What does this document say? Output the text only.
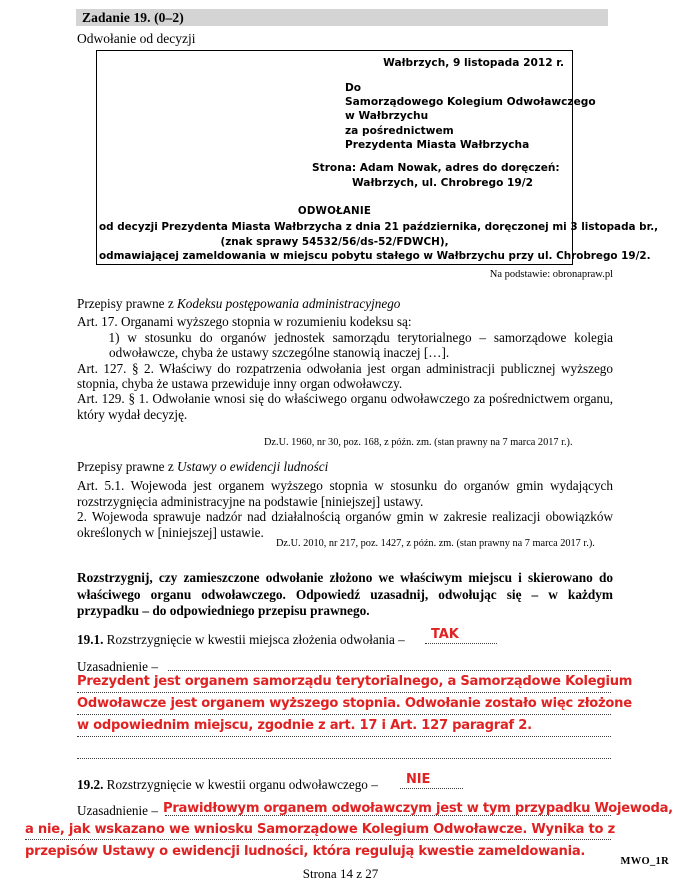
Zadanie 19. (0–2)
Odwołanie od decyzji
Wałbrzych, 9 listopada 2012 r.
Do
Samorządowego Kolegium Odwoławczego
w Wałbrzychu
za pośrednictwem
Prezydenta Miasta Wałbrzycha
Strona: Adam Nowak, adres do doręczeń:
Wałbrzych, ul. Chrobrego 19/2
ODWOŁANIE
od decyzji Prezydenta Miasta Wałbrzycha z dnia 21 października, doręczonej mi 3 listopada br.,
(znak sprawy 54532/56/ds-52/FDWCH),
odmawiającej zameldowania w miejscu pobytu stałego w Wałbrzychu przy ul. Chrobrego 19/2.
Na podstawie: obronapraw.pl

Przepisy prawne z Kodeksu postępowania administracyjnego

Art. 17. Organami wyższego stopnia w rozumieniu kodeksu są:

1) w stosunku do organów jednostek samorządu terytorialnego – samorządowe kolegia odwoławcze, chyba że ustawy szczególne stanowią inaczej […].

Art. 127. § 2. Właściwy do rozpatrzenia odwołania jest organ administracji publicznej wyższego stopnia, chyba że ustawa przewiduje inny organ odwoławczy.

Art. 129. § 1. Odwołanie wnosi się do właściwego organu odwoławczego za pośrednictwem organu, który wydał decyzję.

Dz.U. 1960, nr 30, poz. 168, z późn. zm. (stan prawny na 7 marca 2017 r.).

Przepisy prawne z Ustawy o ewidencji ludności

Art. 5.1. Wojewoda jest organem wyższego stopnia w stosunku do organów gmin wydających rozstrzygnięcia administracyjne na podstawie [niniejszej] ustawy.

2. Wojewoda sprawuje nadzór nad działalnością organów gmin w zakresie realizacji obowiązków określonych w [niniejszej] ustawie.

Dz.U. 2010, nr 217, poz. 1427, z późn. zm. (stan prawny na 7 marca 2017 r.).

Rozstrzygnij, czy zamieszczone odwołanie złożono we właściwym miejscu i skierowano do właściwego organu odwoławczego. Odpowiedź uzasadnij, odwołując się – w każdym przypadku – do odpowiedniego przepisu prawnego.

19.1. Rozstrzygnięcie w kwestii miejsca złożenia odwołania – TAK
Uzasadnienie –
Prezydent jest organem samorządu terytorialnego, a Samorządowe Kolegium
Odwoławcze jest organem wyższego stopnia. Odwołanie zostało więc złożone
w odpowiednim miejscu, zgodnie z art. 17 i Art. 127 paragraf 2.
19.2. Rozstrzygnięcie w kwestii organu odwoławczego – NIE
Uzasadnienie – Prawidłowym organem odwoławczym jest w tym przypadku Wojewoda,
a nie, jak wskazano we wniosku Samorządowe Kolegium Odwoławcze. Wynika to z
przepisów Ustawy o ewidencji ludności, która regulują kwestie zameldowania.
MWO_1R
Strona 14 z 27
